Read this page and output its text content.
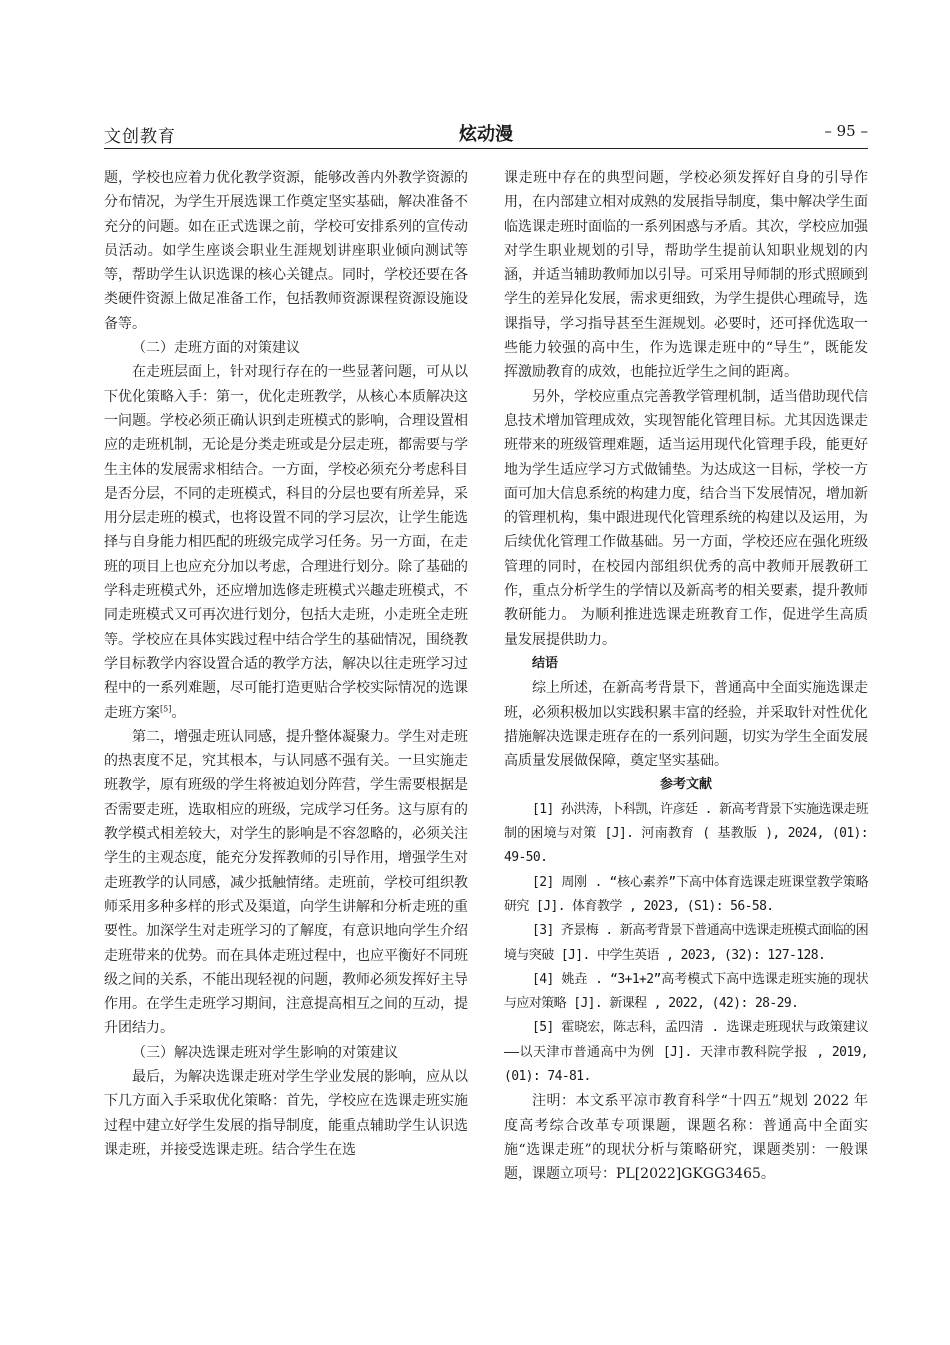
文创教育	炫动漫	– 95 –

题，学校也应着力优化教学资源，能够改善内外教学资源的分布情况，为学生开展选课工作奠定坚实基础，解决准备不充分的问题。如在正式选课之前，学校可安排系列的宣传动员活动。如学生座谈会职业生涯规划讲座职业倾向测试等等，帮助学生认识选课的核心关键点。同时，学校还要在各类硬件资源上做足准备工作，包括教师资源课程资源设施设备等。

（二）走班方面的对策建议

在走班层面上，针对现行存在的一些显著问题，可从以下优化策略入手：第一，优化走班教学，从核心本质解决这一问题。学校必须正确认识到走班模式的影响，合理设置相应的走班机制，无论是分类走班或是分层走班，都需要与学生主体的发展需求相结合。一方面，学校必须充分考虑科目是否分层，不同的走班模式，科目的分层也要有所差异，采用分层走班的模式，也将设置不同的学习层次，让学生能选择与自身能力相匹配的班级完成学习任务。另一方面，在走班的项目上也应充分加以考虑，合理进行划分。除了基础的学科走班模式外，还应增加选修走班模式兴趣走班模式，不同走班模式又可再次进行划分，包括大走班，小走班全走班等。学校应在具体实践过程中结合学生的基础情况，围绕教学目标教学内容设置合适的教学方法，解决以往走班学习过程中的一系列难题，尽可能打造更贴合学校实际情况的选课走班方案[5]。

第二，增强走班认同感，提升整体凝聚力。学生对走班的热衷度不足，究其根本，与认同感不强有关。一旦实施走班教学，原有班级的学生将被迫划分阵营，学生需要根据是否需要走班，选取相应的班级，完成学习任务。这与原有的教学模式相差较大，对学生的影响是不容忽略的，必须关注学生的主观态度，能充分发挥教师的引导作用，增强学生对走班教学的认同感，减少抵触情绪。走班前，学校可组织教师采用多种多样的形式及渠道，向学生讲解和分析走班的重要性。加深学生对走班学习的了解度，有意识地向学生介绍走班带来的优势。而在具体走班过程中，也应平衡好不同班级之间的关系，不能出现轻视的问题，教师必须发挥好主导作用。在学生走班学习期间，注意提高相互之间的互动，提升团结力。

（三）解决选课走班对学生影响的对策建议

最后，为解决选课走班对学生学业发展的影响，应从以下几方面入手采取优化策略：首先，学校应在选课走班实施过程中建立好学生发展的指导制度，能重点辅助学生认识选课走班，并接受选课走班。结合学生在选

课走班中存在的典型问题，学校必须发挥好自身的引导作用，在内部建立相对成熟的发展指导制度，集中解决学生面临选课走班时面临的一系列困惑与矛盾。其次，学校应加强对学生职业规划的引导，帮助学生提前认知职业规划的内涵，并适当辅助教师加以引导。可采用导师制的形式照顾到学生的差异化发展，需求更细致，为学生提供心理疏导，选课指导，学习指导甚至生涯规划。必要时，还可择优选取一些能力较强的高中生，作为选课走班中的“导生”，既能发挥激励教育的成效，也能拉近学生之间的距离。

另外，学校应重点完善教学管理机制，适当借助现代信息技术增加管理成效，实现智能化管理目标。尤其因选课走班带来的班级管理难题，适当运用现代化管理手段，能更好地为学生适应学习方式做铺垫。为达成这一目标，学校一方面可加大信息系统的构建力度，结合当下发展情况，增加新的管理机构，集中跟进现代化管理系统的构建以及运用，为后续优化管理工作做基础。另一方面，学校还应在强化班级管理的同时，在校园内部组织优秀的高中教师开展教研工作，重点分析学生的学情以及新高考的相关要素，提升教师教研能力。 为顺利推进选课走班教育工作，促进学生高质量发展提供助力。

结语

综上所述，在新高考背景下，普通高中全面实施选课走班，必须积极加以实践积累丰富的经验，并采取针对性优化措施解决选课走班存在的一系列问题，切实为学生全面发展高质量发展做保障，奠定坚实基础。

参考文献

[1] 孙洪涛，卜科凯，许彦廷 . 新高考背景下实施选课走班制的困境与对策 [J]. 河南教育 ( 基教版 ), 2024, (01): 49-50.

[2] 周刚 . “核心素养”下高中体育选课走班课堂教学策略研究 [J]. 体育教学 , 2023, (S1): 56-58.

[3] 齐景梅 . 新高考背景下普通高中选课走班模式面临的困境与突破 [J]. 中学生英语 , 2023, (32): 127-128.

[4] 姚垚 . “3+1+2”高考模式下高中选课走班实施的现状与应对策略 [J]. 新课程 , 2022, (42): 28-29.

[5] 霍晓宏，陈志科，孟四清 . 选课走班现状与政策建议——以天津市普通高中为例 [J]. 天津市教科院学报 , 2019, (01): 74-81.

注明：本文系平凉市教育科学“十四五”规划 2022 年度高考综合改革专项课题，课题名称：普通高中全面实施“选课走班”的现状分析与策略研究，课题类别：一般课题，课题立项号：PL[2022]GKGG3465。
